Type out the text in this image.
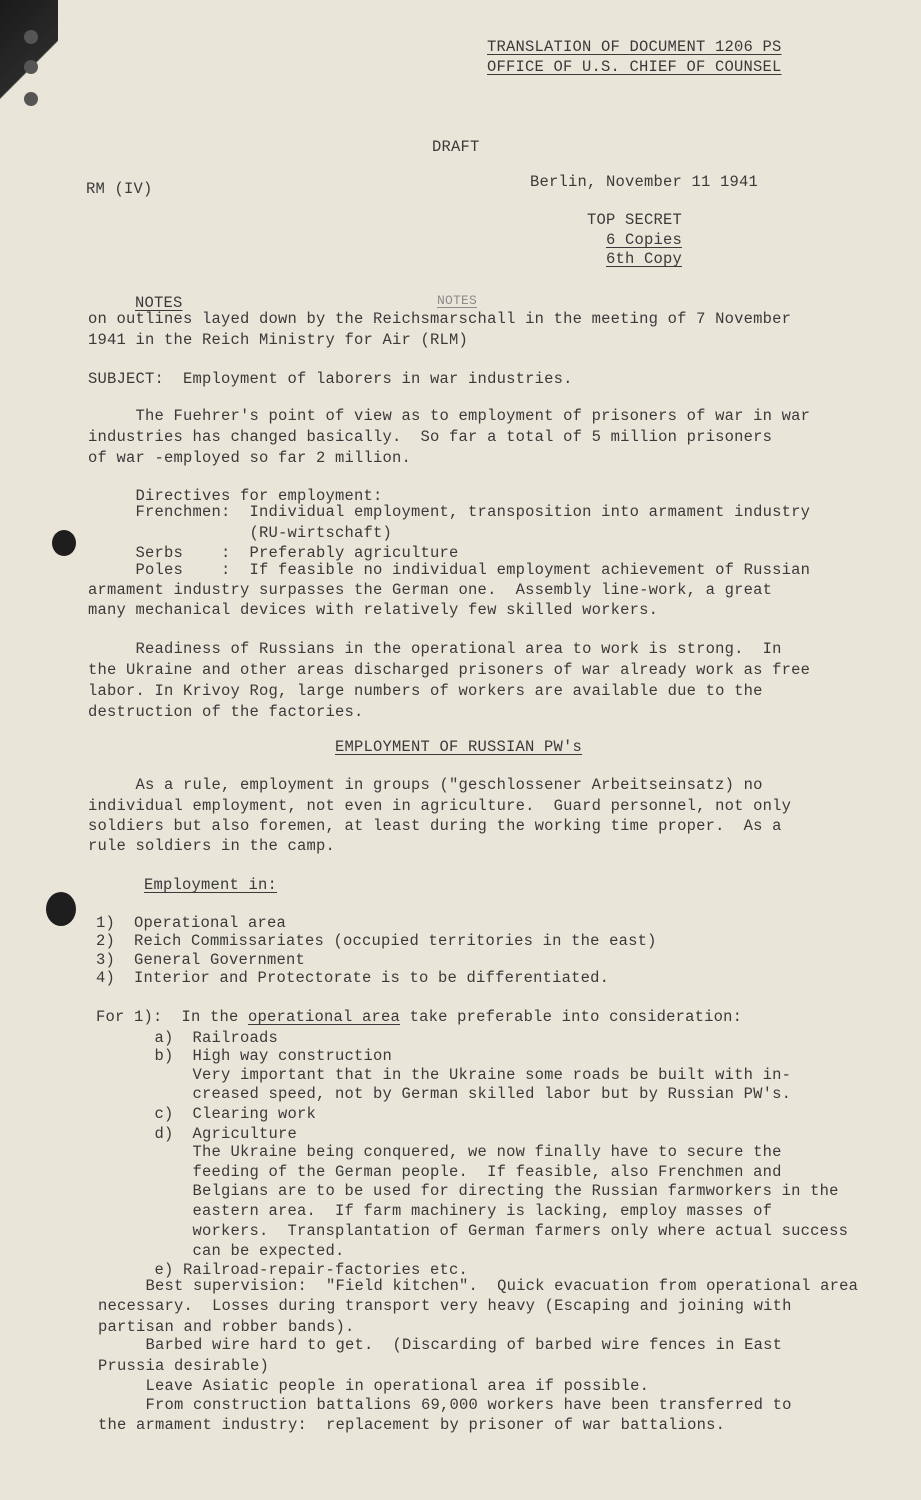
TRANSLATION OF DOCUMENT 1206 PS
OFFICE OF U.S. CHIEF OF COUNSEL
DRAFT
RM (IV)	Berlin, November 11 1941
TOP SECRET
6 Copies
6th Copy
NOTES	NOTES
on outlines layed down by the Reichsmarschall in the meeting of 7 November
1941 in the Reich Ministry for Air (RLM)
SUBJECT:  Employment of laborers in war industries.
The Fuehrer's point of view as to employment of prisoners of war in war
industries has changed basically.  So far a total of 5 million prisoners
of war -employed so far 2 million.
Directives for employment:
Frenchmen:  Individual employment, transposition into armament industry
(RU-wirtschaft)
Serbs    :  Preferably agriculture
Poles    :  If feasible no individual employment achievement of Russian
armament industry surpasses the German one.  Assembly line-work, a great
many mechanical devices with relatively few skilled workers.
Readiness of Russians in the operational area to work is strong.  In
the Ukraine and other areas discharged prisoners of war already work as free
labor. In Krivoy Rog, large numbers of workers are available due to the
destruction of the factories.
EMPLOYMENT OF RUSSIAN PW's
As a rule, employment in groups ("geschlossener Arbeitseinsatz) no
individual employment, not even in agriculture.  Guard personnel, not only
soldiers but also foremen, at least during the working time proper.  As a
rule soldiers in the camp.
Employment in:
1)  Operational area
2)  Reich Commissariates (occupied territories in the east)
3)  General Government
4)  Interior and Protectorate is to be differentiated.
For 1):  In the operational area take preferable into consideration:
a)  Railroads
b)  High way construction
Very important that in the Ukraine some roads be built with in-
creased speed, not by German skilled labor but by Russian PW's.
c)  Clearing work
d)  Agriculture
The Ukraine being conquered, we now finally have to secure the
feeding of the German people.  If feasible, also Frenchmen and
Belgians are to be used for directing the Russian farmworkers in the
eastern area.  If farm machinery is lacking, employ masses of
workers.  Transplantation of German farmers only where actual success
can be expected.
e) Railroad-repair-factories etc.
Best supervision:  "Field kitchen".  Quick evacuation from operational area
necessary.  Losses during transport very heavy (Escaping and joining with
partisan and robber bands).
Barbed wire hard to get.  (Discarding of barbed wire fences in East
Prussia desirable)
Leave Asiatic people in operational area if possible.
From construction battalions 69,000 workers have been transferred to
the armament industry:  replacement by prisoner of war battalions.
